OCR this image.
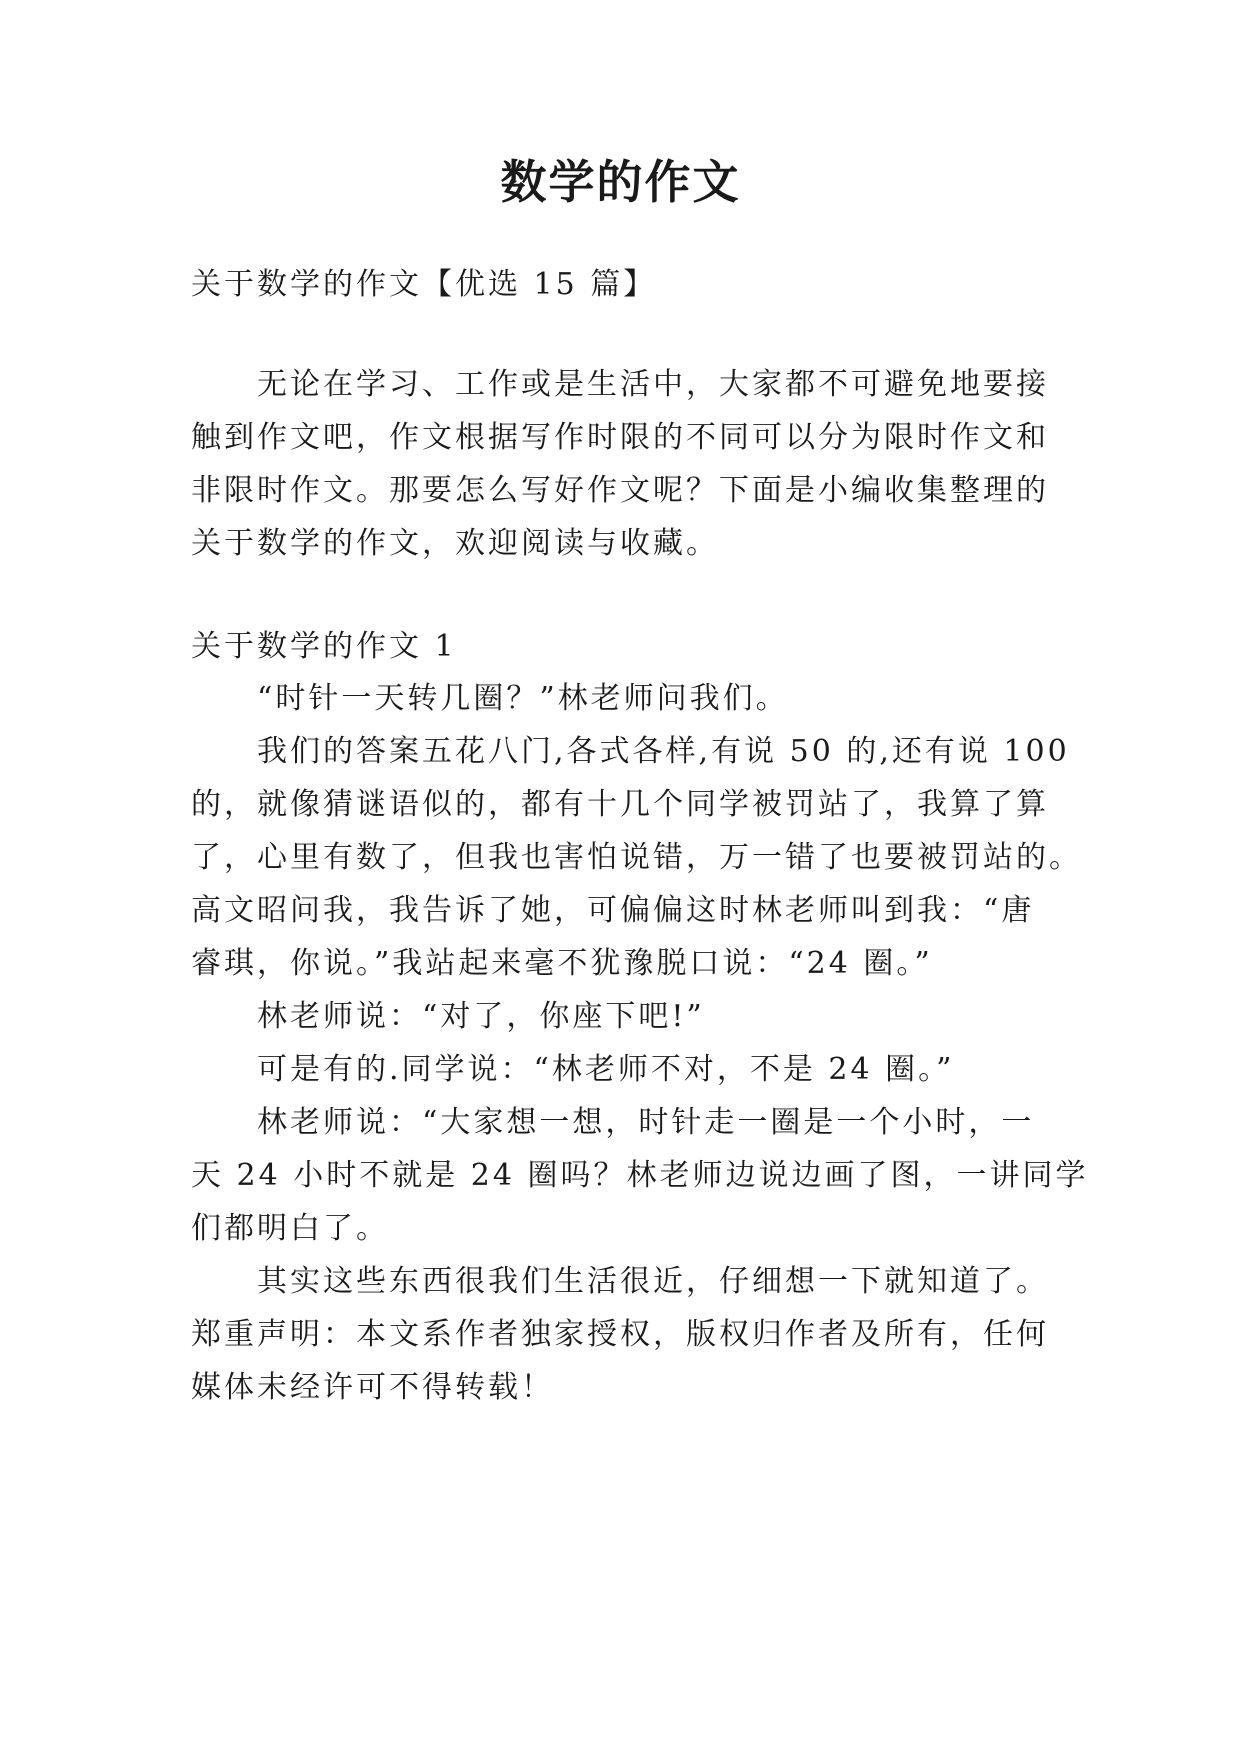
数学的作文
关于数学的作文【优选 15 篇】
无论在学习、工作或是生活中，大家都不可避免地要接
触到作文吧，作文根据写作时限的不同可以分为限时作文和
非限时作文。那要怎么写好作文呢？下面是小编收集整理的
关于数学的作文，欢迎阅读与收藏。
关于数学的作文 1
“时针一天转几圈？”林老师问我们。
我们的答案五花八门,各式各样,有说 50 的,还有说 100
的，就像猜谜语似的，都有十几个同学被罚站了，我算了算
了，心里有数了，但我也害怕说错，万一错了也要被罚站的。
高文昭问我，我告诉了她，可偏偏这时林老师叫到我：“唐
睿琪，你说。”我站起来毫不犹豫脱口说：“24 圈。”
林老师说：“对了，你座下吧!”
可是有的.同学说：“林老师不对，不是 24 圈。”
林老师说：“大家想一想，时针走一圈是一个小时，一
天 24 小时不就是 24 圈吗？林老师边说边画了图，一讲同学
们都明白了。
其实这些东西很我们生活很近，仔细想一下就知道了。
郑重声明：本文系作者独家授权，版权归作者及所有，任何
媒体未经许可不得转载！
